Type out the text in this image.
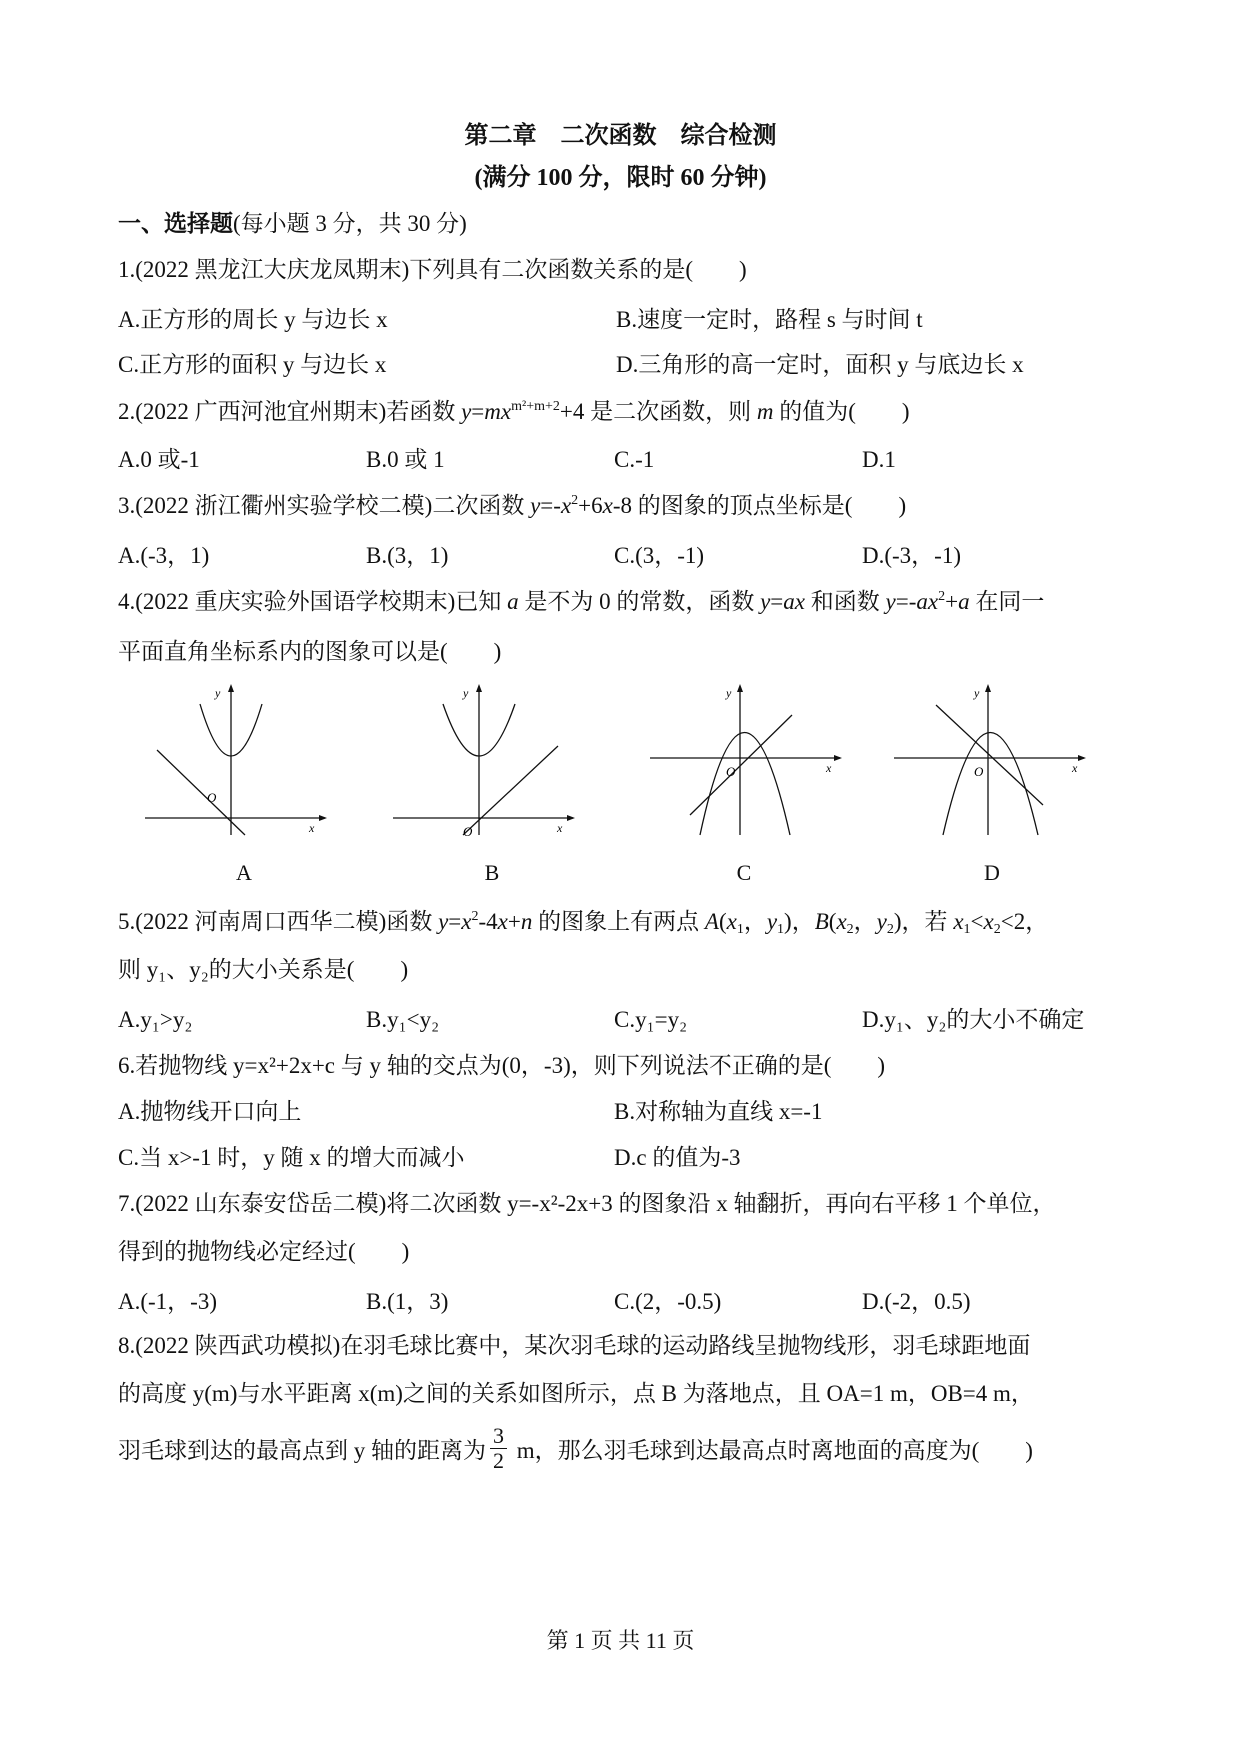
第二章　二次函数　综合检测
(满分 100 分，限时 60 分钟)
一、选择题(每小题 3 分，共 30 分)
1.(2022 黑龙江大庆龙凤期末)下列具有二次函数关系的是(　　)
A.正方形的周长 y 与边长 x	B.速度一定时，路程 s 与时间 t
C.正方形的面积 y 与边长 x	D.三角形的高一定时，面积 y 与底边长 x
2.(2022 广西河池宜州期末)若函数 $y=mx^{m^2+m+2}+4$ 是二次函数，则 m 的值为(　　)
A.0 或-1	B.0 或 1	C.-1	D.1
3.(2022 浙江衢州实验学校二模)二次函数 $y=-x^2+6x-8$ 的图象的顶点坐标是(　　)
A.(-3，1)	B.(3，1)	C.(3，-1)	D.(-3，-1)
4.(2022 重庆实验外国语学校期末)已知 a 是不为 0 的常数，函数 y=ax 和函数 $y=-ax^2+a$ 在同一
平面直角坐标系内的图象可以是(　　)
O
x
y
O	x
y
O	x
y
O	x
y
A	B	C	D
5.(2022 河南周口西华二模)函数 $y=x^2-4x+n$ 的图象上有两点 $A(x_1$，$y_1$)，$B(x_2$，$y_2$)，若 $x_1<x_2<2$，
则 y₁、y₂的大小关系是(　　)
A.y₁>y₂	B.y₁<y₂	C.y₁=y₂	D.y₁、y₂的大小不确定
6.若抛物线 y=x²+2x+c 与 y 轴的交点为(0，-3)，则下列说法不正确的是(　　)
A.抛物线开口向上	B.对称轴为直线 x=-1
C.当 x>-1 时，y 随 x 的增大而减小	D.c 的值为-3
7.(2022 山东泰安岱岳二模)将二次函数 y=-x²-2x+3 的图象沿 x 轴翻折，再向右平移 1 个单位，
得到的抛物线必定经过(　　)
A.(-1，-3)	B.(1，3)	C.(2，-0.5)	D.(-2，0.5)
8.(2022 陕西武功模拟)在羽毛球比赛中，某次羽毛球的运动路线呈抛物线形，羽毛球距地面
的高度 y(m)与水平距离 x(m)之间的关系如图所示，点 B 为落地点，且 OA=1 m，OB=4 m，
羽毛球到达的最高点到 y 轴的距离为 $\frac{3}{2}$ m，那么羽毛球到达最高点时离地面的高度为(　　)
第 1 页 共 11 页
